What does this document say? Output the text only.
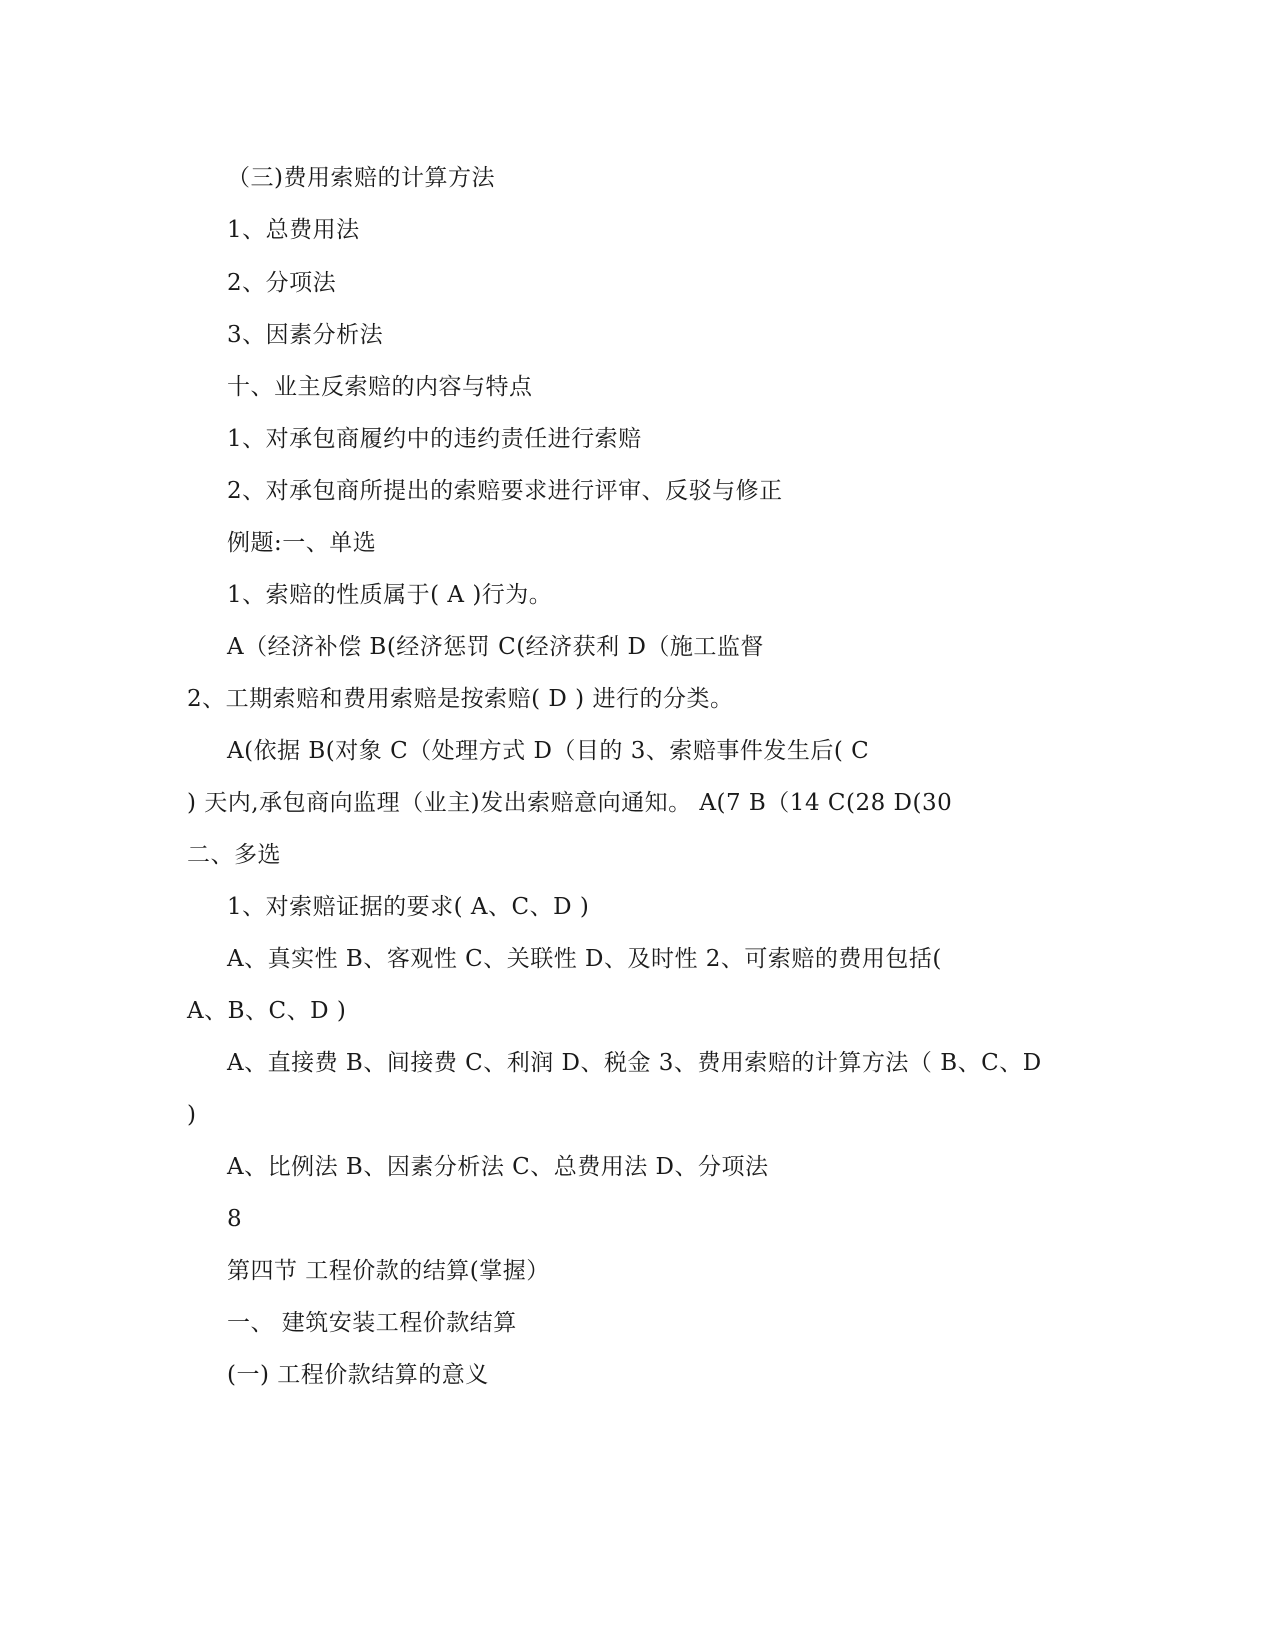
（三)费用索赔的计算方法
1、总费用法
2、分项法
3、因素分析法
十、业主反索赔的内容与特点
1、对承包商履约中的违约责任进行索赔
2、对承包商所提出的索赔要求进行评审、反驳与修正
例题:一、单选
1、索赔的性质属于( A )行为。
A（经济补偿 B(经济惩罚 C(经济获利 D（施工监督
2、工期索赔和费用索赔是按索赔( D ) 进行的分类。
A(依据 B(对象 C（处理方式 D（目的 3、索赔事件发生后( C
) 天内,承包商向监理（业主)发出索赔意向通知。 A(7 B（14 C(28 D(30
二、多选
1、对索赔证据的要求( A、C、D )
A、真实性 B、客观性 C、关联性 D、及时性 2、可索赔的费用包括(
A、B、C、D )
A、直接费 B、间接费 C、利润 D、税金 3、费用索赔的计算方法（ B、C、D
)
A、比例法 B、因素分析法 C、总费用法 D、分项法
8
第四节 工程价款的结算(掌握）
一、 建筑安装工程价款结算
(一) 工程价款结算的意义
